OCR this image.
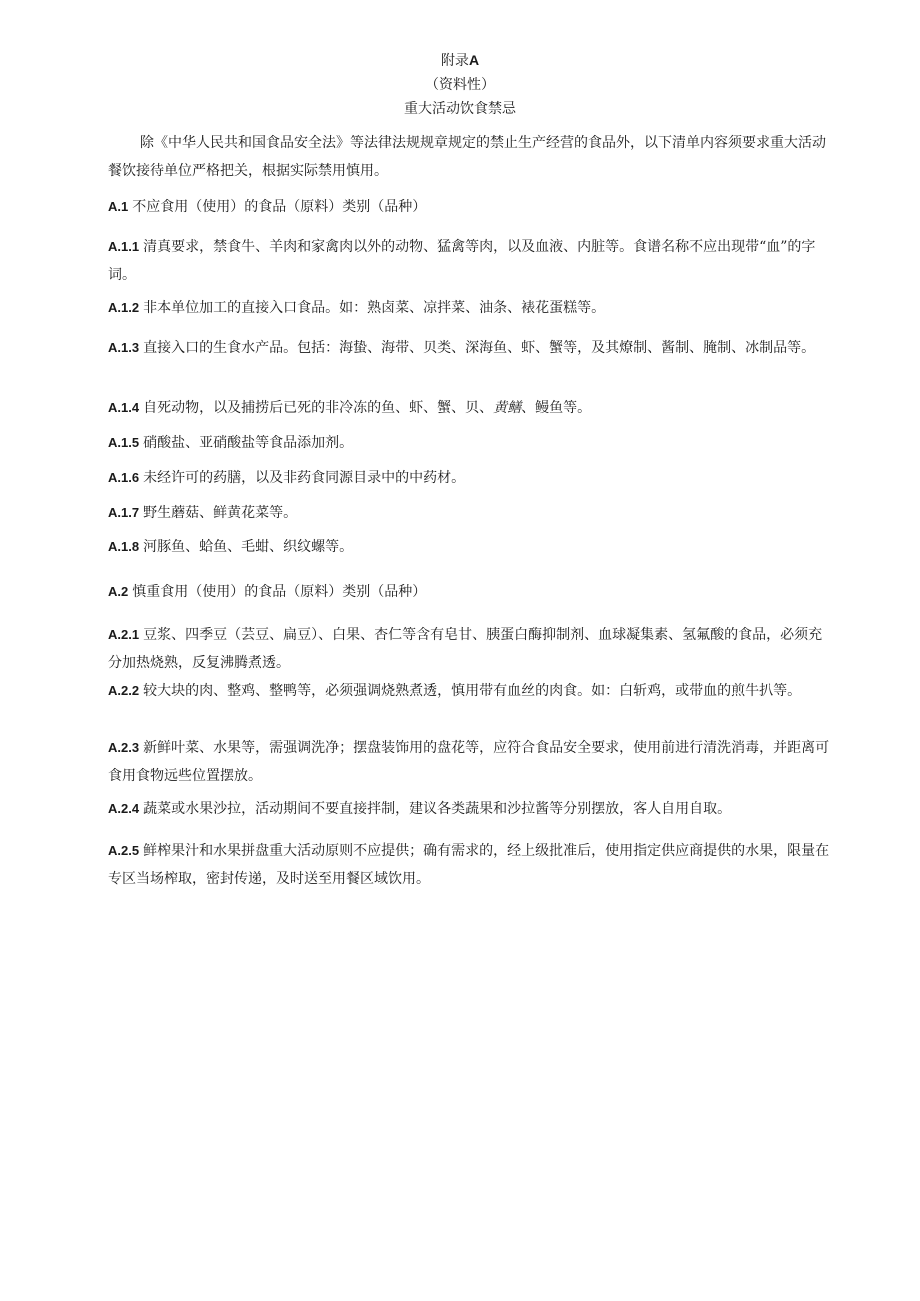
附录A
（资料性）
重大活动饮食禁忌
除《中华人民共和国食品安全法》等法律法规规章规定的禁止生产经营的食品外，以下清单内容须要求重大活动餐饮接待单位严格把关，根据实际禁用慎用。
A.1 不应食用（使用）的食品（原料）类别（品种）
A.1.1 清真要求，禁食牛、羊肉和家禽肉以外的动物、猛禽等肉，以及血液、内脏等。食谱名称不应出现带“血”的字词。
A.1.2 非本单位加工的直接入口食品。如：熟卤菜、凉拌菜、油条、裱花蛋糕等。
A.1.3 直接入口的生食水产品。包括：海蛰、海带、贝类、深海鱼、虾、蟹等，及其燎制、酱制、腌制、冰制品等。
A.1.4 自死动物，以及捕捞后已死的非冷冻的鱼、虾、蟹、贝、黄鳝、鳗鱼等。
A.1.5 硝酸盐、亚硝酸盐等食品添加剂。
A.1.6 未经许可的药膳，以及非药食同源目录中的中药材。
A.1.7 野生蘑菇、鲜黄花菜等。
A.1.8 河豚鱼、蛤鱼、毛蚶、织纹螺等。
A.2 慎重食用（使用）的食品（原料）类别（品种）
A.2.1 豆浆、四季豆（芸豆、扁豆）、白果、杏仁等含有皂甘、胰蛋白酶抑制剂、血球凝集素、氢氟酸的食品，必须充分加热烧熟，反复沸腾煮透。
A.2.2 较大块的肉、整鸡、整鸭等，必须强调烧熟煮透，慎用带有血丝的肉食。如：白斩鸡，或带血的煎牛扒等。
A.2.3 新鲜叶菜、水果等，需强调洗净；摆盘装饰用的盘花等，应符合食品安全要求，使用前进行清洗消毒，并距离可食用食物远些位置摆放。
A.2.4 蔬菜或水果沙拉，活动期间不要直接拌制，建议各类蔬果和沙拉酱等分别摆放，客人自用自取。
A.2.5 鲜榨果汁和水果拼盘重大活动原则不应提供；确有需求的，经上级批准后，使用指定供应商提供的水果，限量在专区当场榨取，密封传递，及时送至用餐区域饮用。
